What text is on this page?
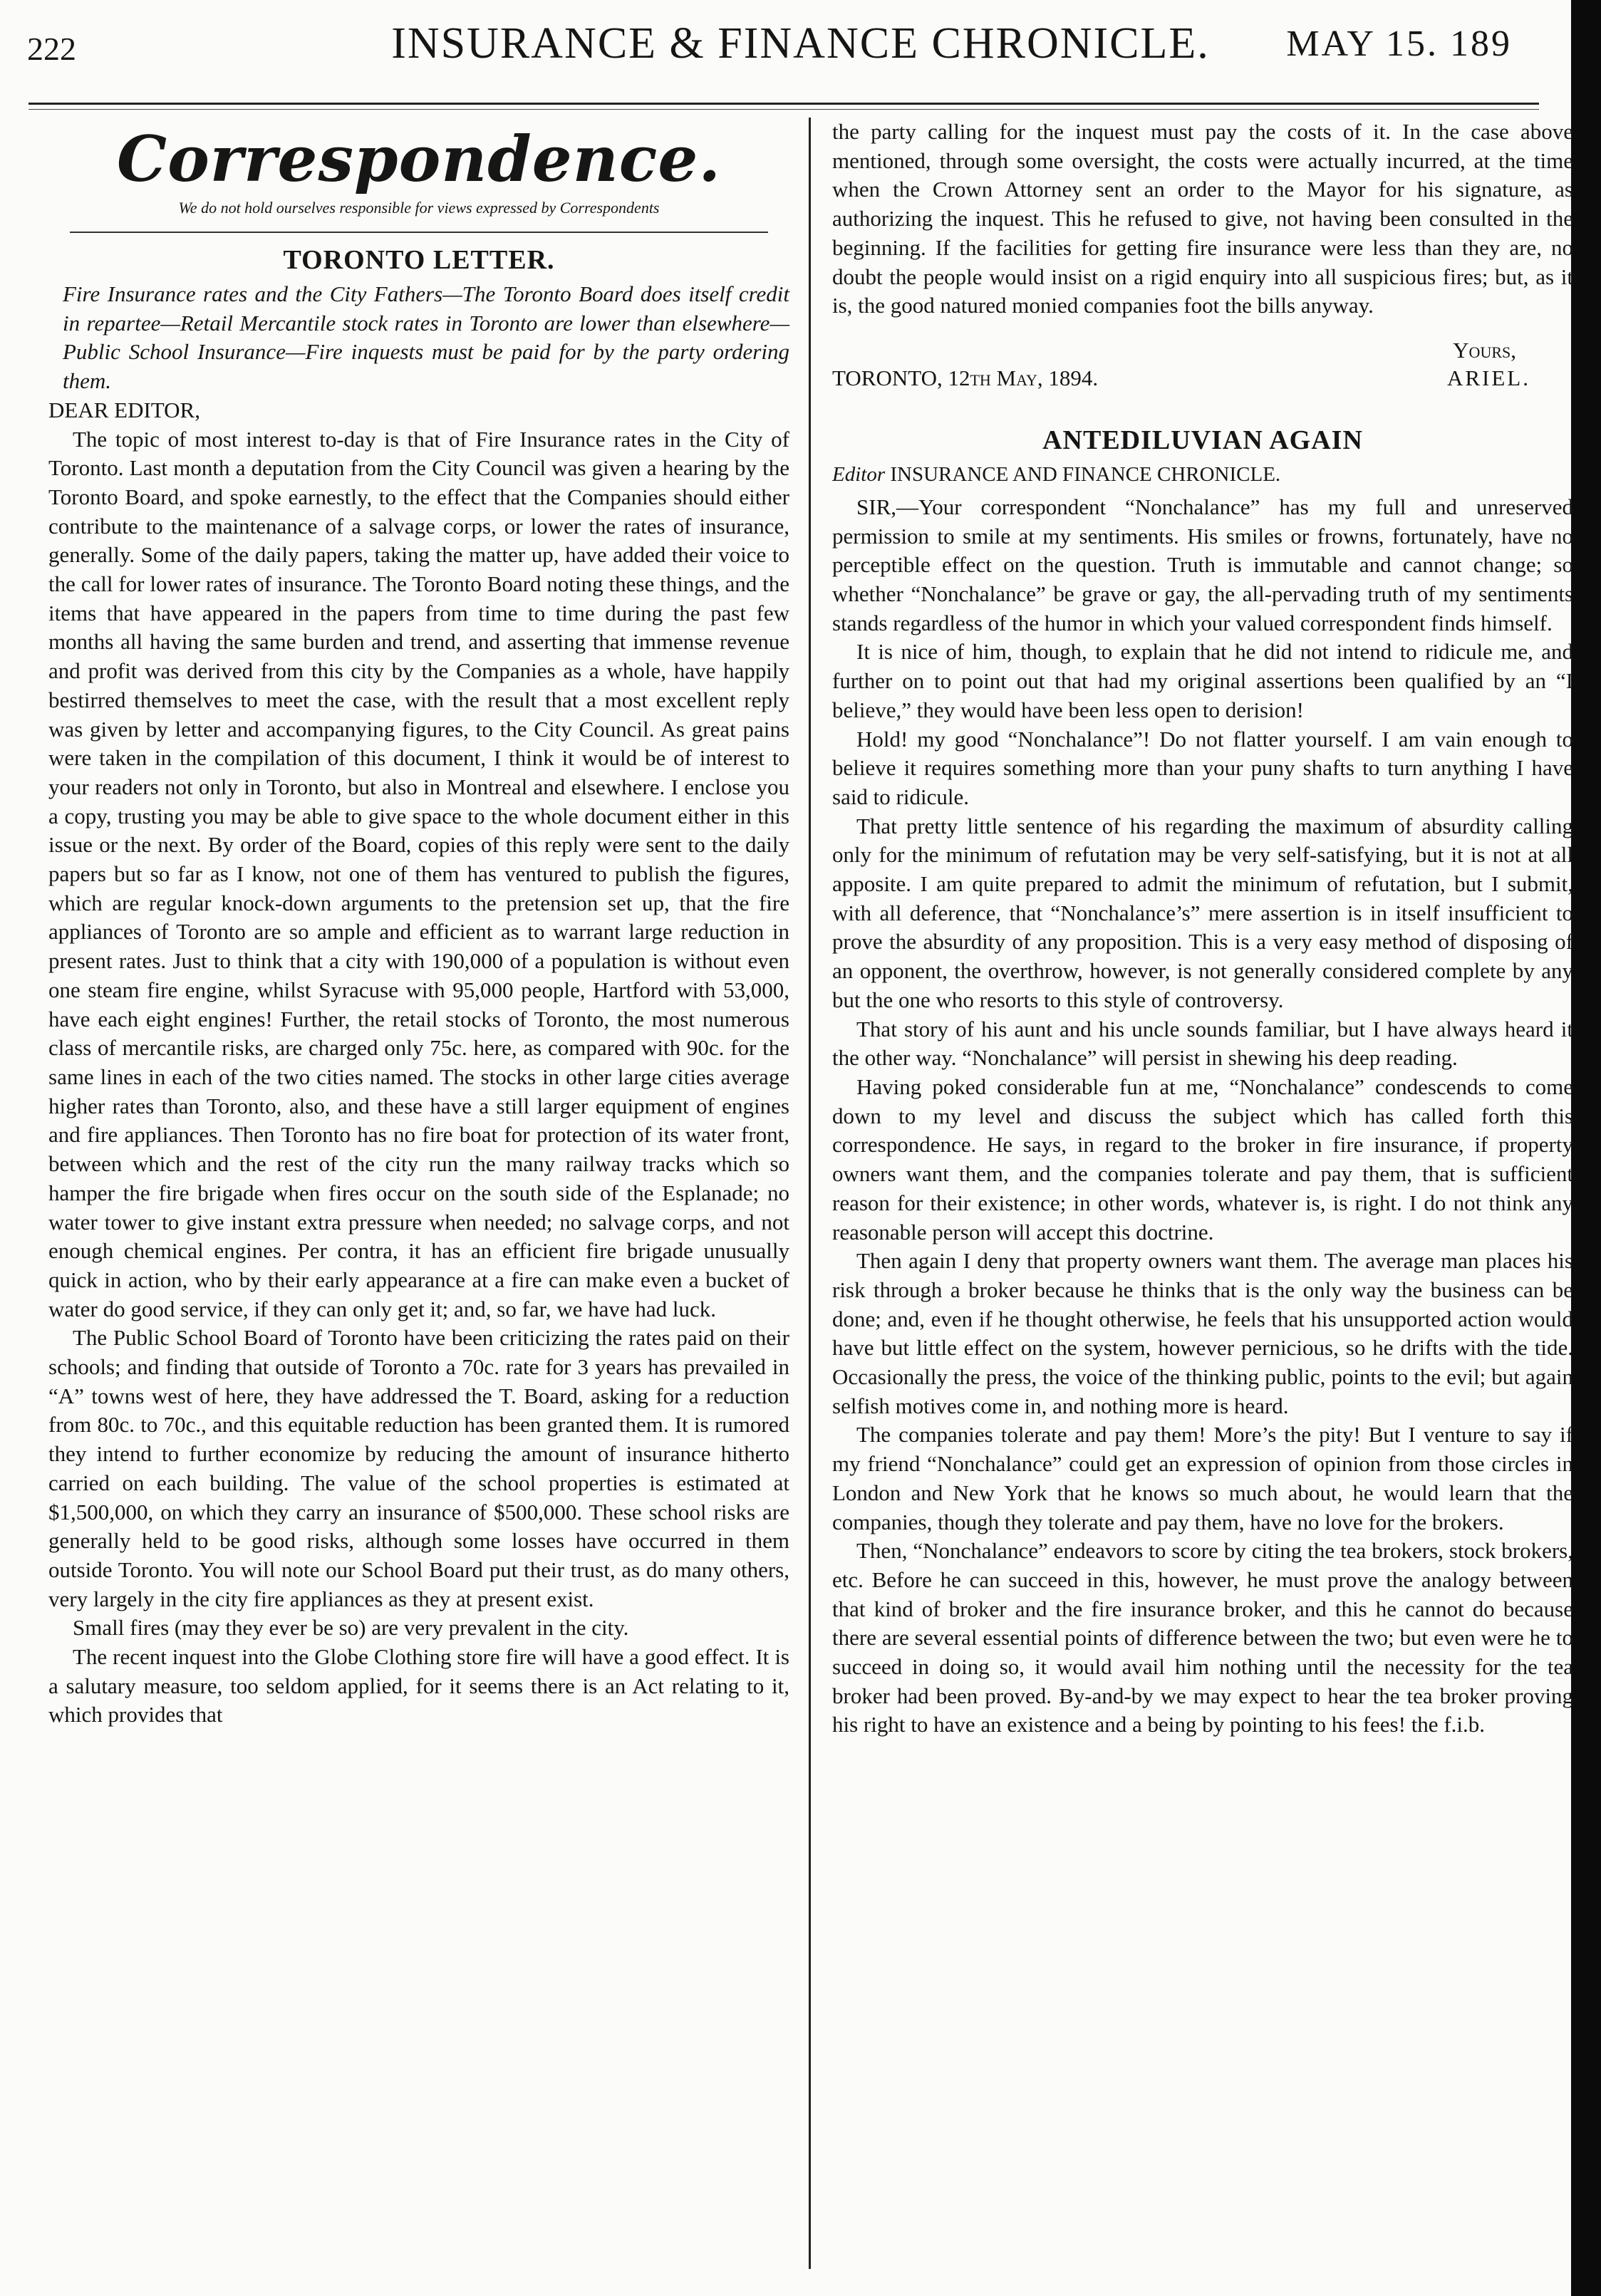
222	INSURANCE & FINANCE CHRONICLE.	MAY 15. 189
Correspondence.
We do not hold ourselves responsible for views expressed by Correspondents
TORONTO LETTER.
Fire Insurance rates and the City Fathers—The Toronto Board does itself credit in repartee—Retail Mercantile stock rates in Toronto are lower than elsewhere—Public School Insurance—Fire inquests must be paid for by the party ordering them.
DEAR EDITOR,

The topic of most interest to-day is that of Fire Insurance rates in the City of Toronto. Last month a deputation from the City Council was given a hearing by the Toronto Board, and spoke earnestly, to the effect that the Companies should either contribute to the maintenance of a salvage corps, or lower the rates of insurance, generally. Some of the daily papers, taking the matter up, have added their voice to the call for lower rates of insurance. The Toronto Board noting these things, and the items that have appeared in the papers from time to time during the past few months all having the same burden and trend, and asserting that immense revenue and profit was derived from this city by the Companies as a whole, have happily bestirred themselves to meet the case, with the result that a most excellent reply was given by letter and accompanying figures, to the City Council. As great pains were taken in the compilation of this document, I think it would be of interest to your readers not only in Toronto, but also in Montreal and elsewhere. I enclose you a copy, trusting you may be able to give space to the whole document either in this issue or the next. By order of the Board, copies of this reply were sent to the daily papers but so far as I know, not one of them has ventured to publish the figures, which are regular knock-down arguments to the pretension set up, that the fire appliances of Toronto are so ample and efficient as to warrant large reduction in present rates. Just to think that a city with 190,000 of a population is without even one steam fire engine, whilst Syracuse with 95,000 people, Hartford with 53,000, have each eight engines! Further, the retail stocks of Toronto, the most numerous class of mercantile risks, are charged only 75c. here, as compared with 90c. for the same lines in each of the two cities named. The stocks in other large cities average higher rates than Toronto, also, and these have a still larger equipment of engines and fire appliances. Then Toronto has no fire boat for protection of its water front, between which and the rest of the city run the many railway tracks which so hamper the fire brigade when fires occur on the south side of the Esplanade; no water tower to give instant extra pressure when needed; no salvage corps, and not enough chemical engines. Per contra, it has an efficient fire brigade unusually quick in action, who by their early appearance at a fire can make even a bucket of water do good service, if they can only get it; and, so far, we have had luck.

The Public School Board of Toronto have been criticizing the rates paid on their schools; and finding that outside of Toronto a 70c. rate for 3 years has prevailed in “A” towns west of here, they have addressed the T. Board, asking for a reduction from 80c. to 70c., and this equitable reduction has been granted them. It is rumored they intend to further economize by reducing the amount of insurance hitherto carried on each building. The value of the school properties is estimated at $1,500,000, on which they carry an insurance of $500,000. These school risks are generally held to be good risks, although some losses have occurred in them outside Toronto. You will note our School Board put their trust, as do many others, very largely in the city fire appliances as they at present exist.

Small fires (may they ever be so) are very prevalent in the city.

The recent inquest into the Globe Clothing store fire will have a good effect. It is a salutary measure, too seldom applied, for it seems there is an Act relating to it, which provides that

the party calling for the inquest must pay the costs of it. In the case above mentioned, through some oversight, the costs were actually incurred, at the time when the Crown Attorney sent an order to the Mayor for his signature, as authorizing the inquest. This he refused to give, not having been consulted in the beginning. If the facilities for getting fire insurance were less than they are, no doubt the people would insist on a rigid enquiry into all suspicious fires; but, as it is, the good natured monied companies foot the bills anyway.

Yours,
TORONTO, 12th May, 1894.	ARIEL.
ANTEDILUVIAN AGAIN
Editor INSURANCE AND FINANCE CHRONICLE.

SIR,—Your correspondent “Nonchalance” has my full and unreserved permission to smile at my sentiments. His smiles or frowns, fortunately, have no perceptible effect on the question. Truth is immutable and cannot change; so whether “Nonchalance” be grave or gay, the all-pervading truth of my sentiments stands regardless of the humor in which your valued correspondent finds himself.

It is nice of him, though, to explain that he did not intend to ridicule me, and further on to point out that had my original assertions been qualified by an “I believe,” they would have been less open to derision!

Hold! my good “Nonchalance”! Do not flatter yourself. I am vain enough to believe it requires something more than your puny shafts to turn anything I have said to ridicule.

That pretty little sentence of his regarding the maximum of absurdity calling only for the minimum of refutation may be very self-satisfying, but it is not at all apposite. I am quite prepared to admit the minimum of refutation, but I submit, with all deference, that “Nonchalance’s” mere assertion is in itself insufficient to prove the absurdity of any proposition. This is a very easy method of disposing of an opponent, the overthrow, however, is not generally considered complete by any but the one who resorts to this style of controversy.

That story of his aunt and his uncle sounds familiar, but I have always heard it the other way. “Nonchalance” will persist in shewing his deep reading.

Having poked considerable fun at me, “Nonchalance” condescends to come down to my level and discuss the subject which has called forth this correspondence. He says, in regard to the broker in fire insurance, if property owners want them, and the companies tolerate and pay them, that is sufficient reason for their existence; in other words, whatever is, is right. I do not think any reasonable person will accept this doctrine.

Then again I deny that property owners want them. The average man places his risk through a broker because he thinks that is the only way the business can be done; and, even if he thought otherwise, he feels that his unsupported action would have but little effect on the system, however pernicious, so he drifts with the tide. Occasionally the press, the voice of the thinking public, points to the evil; but again selfish motives come in, and nothing more is heard.

The companies tolerate and pay them! More’s the pity! But I venture to say if my friend “Nonchalance” could get an expression of opinion from those circles in London and New York that he knows so much about, he would learn that the companies, though they tolerate and pay them, have no love for the brokers.

Then, “Nonchalance” endeavors to score by citing the tea brokers, stock brokers, etc. Before he can succeed in this, however, he must prove the analogy between that kind of broker and the fire insurance broker, and this he cannot do because there are several essential points of difference between the two; but even were he to succeed in doing so, it would avail him nothing until the necessity for the tea broker had been proved. By-and-by we may expect to hear the tea broker proving his right to have an existence and a being by pointing to his fees! the f.i.b.
